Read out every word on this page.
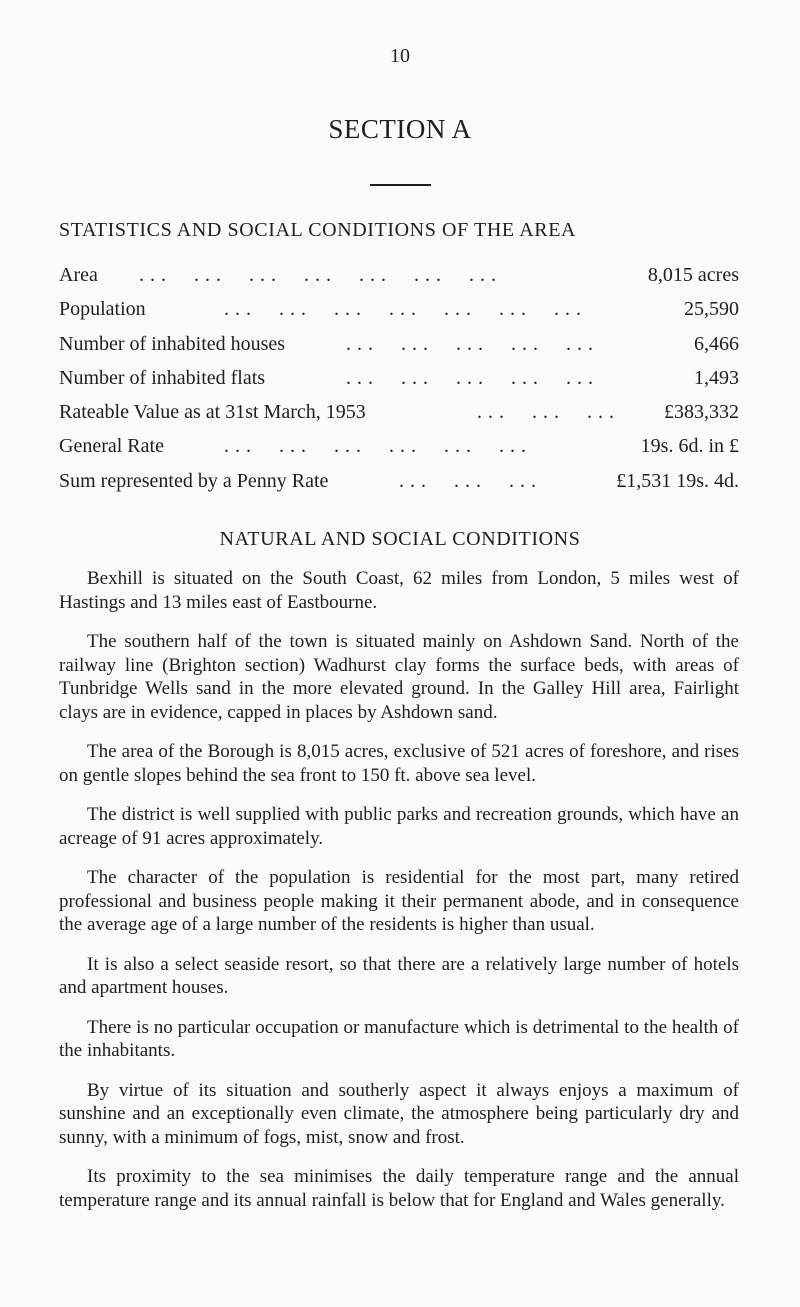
10
SECTION A
STATISTICS AND SOCIAL CONDITIONS OF THE AREA
Area ...  ...  ...  ...  ...  ...  ...	8,015 acres
Population	...  ...  ...  ...  ...  ...  ...	25,590
Number of inhabited houses	...  ...  ...  ...  ...	6,466
Number of inhabited flats	...  ...  ...  ...  ...	1,493
Rateable Value as at 31st March, 1953	...  ...  ... £383,332
General Rate	...  ...  ...  ...  ...  ...	19s. 6d. in £
Sum represented by a Penny Rate	...  ...  ...	£1,531 19s. 4d.
NATURAL AND SOCIAL CONDITIONS

Bexhill is situated on the South Coast, 62 miles from London, 5 miles west of Hastings and 13 miles east of Eastbourne.

The southern half of the town is situated mainly on Ashdown Sand. North of the railway line (Brighton section) Wadhurst clay forms the surface beds, with areas of Tunbridge Wells sand in the more elevated ground. In the Galley Hill area, Fairlight clays are in evidence, capped in places by Ashdown sand.

The area of the Borough is 8,015 acres, exclusive of 521 acres of foreshore, and rises on gentle slopes behind the sea front to 150 ft. above sea level.

The district is well supplied with public parks and recreation grounds, which have an acreage of 91 acres approximately.

The character of the population is residential for the most part, many retired professional and business people making it their permanent abode, and in consequence the average age of a large number of the residents is higher than usual.

It is also a select seaside resort, so that there are a relatively large number of hotels and apartment houses.

There is no particular occupation or manufacture which is detrimental to the health of the inhabitants.

By virtue of its situation and southerly aspect it always enjoys a maximum of sunshine and an exceptionally even climate, the atmosphere being particularly dry and sunny, with a minimum of fogs, mist, snow and frost.

Its proximity to the sea minimises the daily temperature range and the annual temperature range and its annual rainfall is below that for England and Wales generally.
